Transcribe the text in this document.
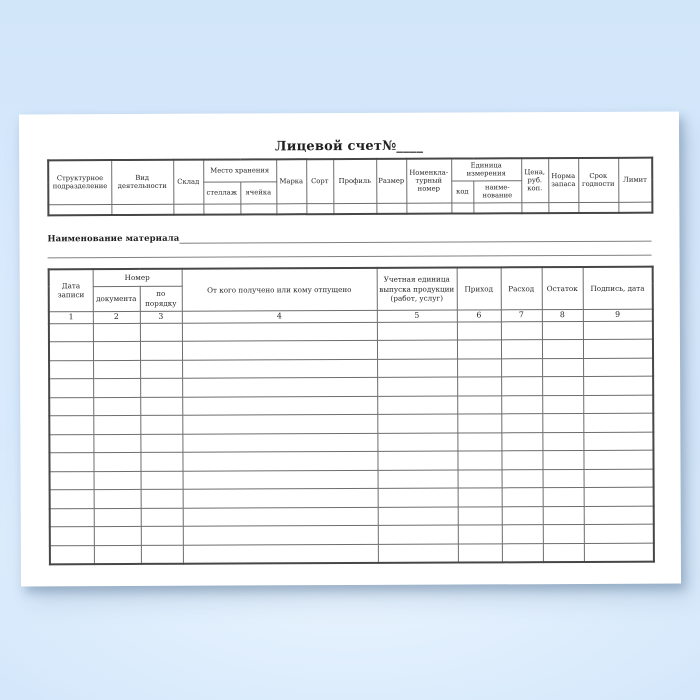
Лицевой счет№____
Структурное подразделение	Вид деятельности	Склад	Место хранения		Марка	Сорт	Профиль	Размер	Номенкла-турный номер	Единица измерения		Цена, руб. коп.	Норма запаса	Срок годности	Лимит
			стеллаж	ячейка						код	наиме-нование				

Наименование материала
Дата записи	Номер		От кого получено или кому отпущено	Учетная единица выпуска продукции (работ, услуг)	Приход	Расход	Остаток	Подпись, дата
	документа	по порядку						
1	2	3	4	5	6	7	8	9
